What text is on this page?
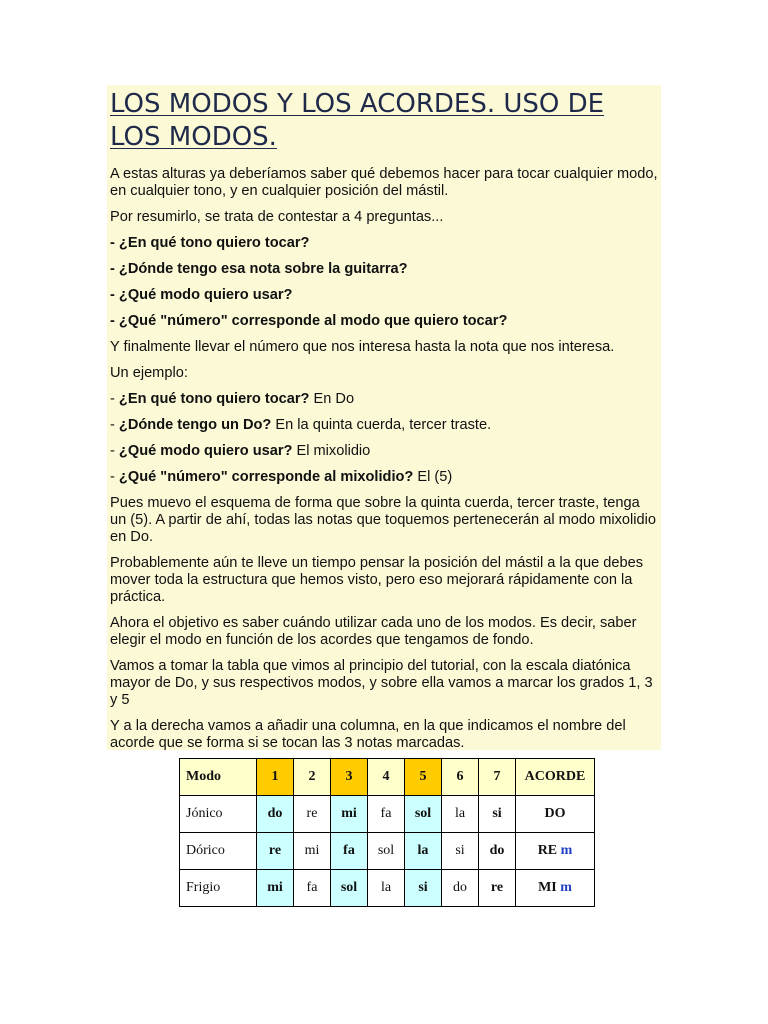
LOS MODOS Y LOS ACORDES. USO DE LOS MODOS.

A estas alturas ya deberíamos saber qué debemos hacer para tocar cualquier modo, en cualquier tono, y en cualquier posición del mástil.

Por resumirlo, se trata de contestar a 4 preguntas...

- ¿En qué tono quiero tocar?

- ¿Dónde tengo esa nota sobre la guitarra?

- ¿Qué modo quiero usar?

- ¿Qué "número" corresponde al modo que quiero tocar?

Y finalmente llevar el número que nos interesa hasta la nota que nos interesa.

Un ejemplo:

- ¿En qué tono quiero tocar? En Do

- ¿Dónde tengo un Do? En la quinta cuerda, tercer traste.

- ¿Qué modo quiero usar? El mixolidio

- ¿Qué "número" corresponde al mixolidio? El (5)

Pues muevo el esquema de forma que sobre la quinta cuerda, tercer traste, tenga un (5). A partir de ahí, todas las notas que toquemos pertenecerán al modo mixolidio en Do.

Probablemente aún te lleve un tiempo pensar la posición del mástil a la que debes mover toda la estructura que hemos visto, pero eso mejorará rápidamente con la práctica.

Ahora el objetivo es saber cuándo utilizar cada uno de los modos. Es decir, saber elegir el modo en función de los acordes que tengamos de fondo.

Vamos a tomar la tabla que vimos al principio del tutorial, con la escala diatónica mayor de Do, y sus respectivos modos, y sobre ella vamos a marcar los grados 1, 3 y 5

Y a la derecha vamos a añadir una columna, en la que indicamos el nombre del acorde que se forma si se tocan las 3 notas marcadas.

Modo	1	2	3	4	5	6	7	ACORDE
Jónico	do	re	mi	fa	sol	la	si	DO
Dórico	re	mi	fa	sol	la	si	do	RE m
Frigio	mi	fa	sol	la	si	do	re	MI m
